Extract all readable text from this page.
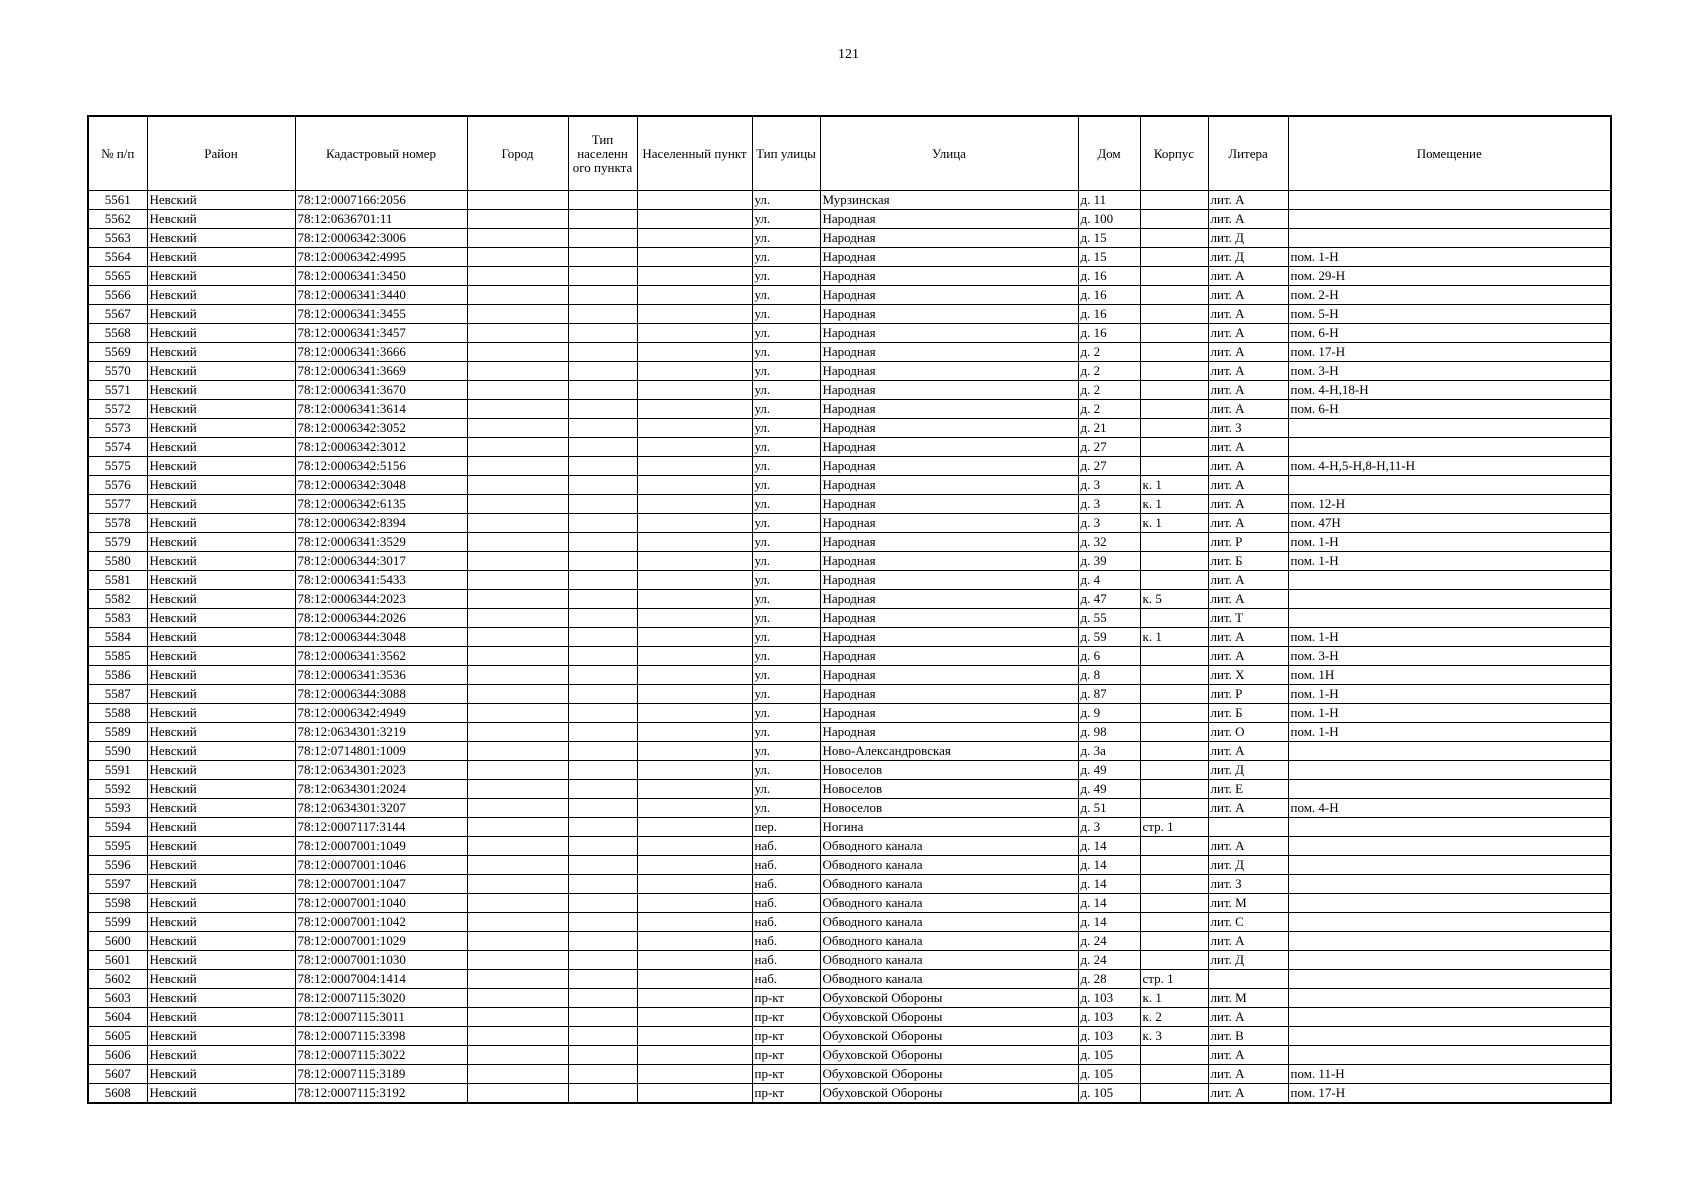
121
№ п/п	Район	Кадастровый номер	Город	Тип населенн ого пункта	Населенный пункт	Тип улицы	Улица	Дом	Корпус	Литера	Помещение
5561	Невский	78:12:0007166:2056				ул.	Мурзинская	д. 11		лит. А	
5562	Невский	78:12:0636701:11				ул.	Народная	д. 100		лит. А	
5563	Невский	78:12:0006342:3006				ул.	Народная	д. 15		лит. Д	
5564	Невский	78:12:0006342:4995				ул.	Народная	д. 15		лит. Д	пом. 1-Н
5565	Невский	78:12:0006341:3450				ул.	Народная	д. 16		лит. А	пом. 29-Н
5566	Невский	78:12:0006341:3440				ул.	Народная	д. 16		лит. А	пом. 2-Н
5567	Невский	78:12:0006341:3455				ул.	Народная	д. 16		лит. А	пом. 5-Н
5568	Невский	78:12:0006341:3457				ул.	Народная	д. 16		лит. А	пом. 6-Н
5569	Невский	78:12:0006341:3666				ул.	Народная	д. 2		лит. А	пом. 17-Н
5570	Невский	78:12:0006341:3669				ул.	Народная	д. 2		лит. А	пом. 3-Н
5571	Невский	78:12:0006341:3670				ул.	Народная	д. 2		лит. А	пом. 4-Н,18-Н
5572	Невский	78:12:0006341:3614				ул.	Народная	д. 2		лит. А	пом. 6-Н
5573	Невский	78:12:0006342:3052				ул.	Народная	д. 21		лит. З	
5574	Невский	78:12:0006342:3012				ул.	Народная	д. 27		лит. А	
5575	Невский	78:12:0006342:5156				ул.	Народная	д. 27		лит. А	пом. 4-Н,5-Н,8-Н,11-Н
5576	Невский	78:12:0006342:3048				ул.	Народная	д. 3	к. 1	лит. А	
5577	Невский	78:12:0006342:6135				ул.	Народная	д. 3	к. 1	лит. А	пом. 12-Н
5578	Невский	78:12:0006342:8394				ул.	Народная	д. 3	к. 1	лит. А	пом. 47Н
5579	Невский	78:12:0006341:3529				ул.	Народная	д. 32		лит. Р	пом. 1-Н
5580	Невский	78:12:0006344:3017				ул.	Народная	д. 39		лит. Б	пом. 1-Н
5581	Невский	78:12:0006341:5433				ул.	Народная	д. 4		лит. А	
5582	Невский	78:12:0006344:2023				ул.	Народная	д. 47	к. 5	лит. А	
5583	Невский	78:12:0006344:2026				ул.	Народная	д. 55		лит. Т	
5584	Невский	78:12:0006344:3048				ул.	Народная	д. 59	к. 1	лит. А	пом. 1-Н
5585	Невский	78:12:0006341:3562				ул.	Народная	д. 6		лит. А	пом. 3-Н
5586	Невский	78:12:0006341:3536				ул.	Народная	д. 8		лит. Х	пом. 1Н
5587	Невский	78:12:0006344:3088				ул.	Народная	д. 87		лит. Р	пом. 1-Н
5588	Невский	78:12:0006342:4949				ул.	Народная	д. 9		лит. Б	пом. 1-Н
5589	Невский	78:12:0634301:3219				ул.	Народная	д. 98		лит. О	пом. 1-Н
5590	Невский	78:12:0714801:1009				ул.	Ново-Александровская	д. 3а		лит. А	
5591	Невский	78:12:0634301:2023				ул.	Новоселов	д. 49		лит. Д	
5592	Невский	78:12:0634301:2024				ул.	Новоселов	д. 49		лит. Е	
5593	Невский	78:12:0634301:3207				ул.	Новоселов	д. 51		лит. А	пом. 4-Н
5594	Невский	78:12:0007117:3144				пер.	Ногина	д. 3	стр. 1		
5595	Невский	78:12:0007001:1049				наб.	Обводного канала	д. 14		лит. А	
5596	Невский	78:12:0007001:1046				наб.	Обводного канала	д. 14		лит. Д	
5597	Невский	78:12:0007001:1047				наб.	Обводного канала	д. 14		лит. З	
5598	Невский	78:12:0007001:1040				наб.	Обводного канала	д. 14		лит. М	
5599	Невский	78:12:0007001:1042				наб.	Обводного канала	д. 14		лит. С	
5600	Невский	78:12:0007001:1029				наб.	Обводного канала	д. 24		лит. А	
5601	Невский	78:12:0007001:1030				наб.	Обводного канала	д. 24		лит. Д	
5602	Невский	78:12:0007004:1414				наб.	Обводного канала	д. 28	стр. 1		
5603	Невский	78:12:0007115:3020				пр-кт	Обуховской Обороны	д. 103	к. 1	лит. М	
5604	Невский	78:12:0007115:3011				пр-кт	Обуховской Обороны	д. 103	к. 2	лит. А	
5605	Невский	78:12:0007115:3398				пр-кт	Обуховской Обороны	д. 103	к. 3	лит. В	
5606	Невский	78:12:0007115:3022				пр-кт	Обуховской Обороны	д. 105		лит. А	
5607	Невский	78:12:0007115:3189				пр-кт	Обуховской Обороны	д. 105		лит. А	пом. 11-Н
5608	Невский	78:12:0007115:3192				пр-кт	Обуховской Обороны	д. 105		лит. А	пом. 17-Н
